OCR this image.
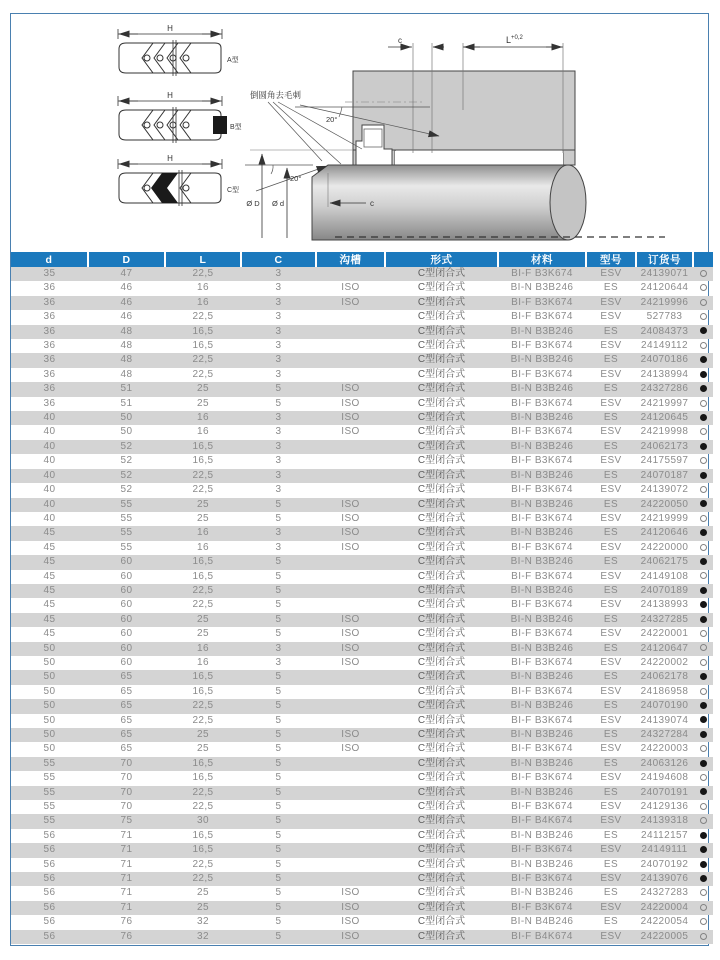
H
A型
H
B型
H
C型
c	$L^{+0,2}$
20°
倒圆角去毛刺
20°
Ø D Ø d	c
d	D	L	C	沟槽	形式	材料	型号	订货号	
35	47	22,5	3		C型闭合式	BI-F B3K674	ESV	24139071	
36	46	16	3	ISO	C型闭合式	BI-N B3B246	ES	24120644	
36	46	16	3	ISO	C型闭合式	BI-F B3K674	ESV	24219996	
36	46	22,5	3		C型闭合式	BI-F B3K674	ESV	527783	
36	48	16,5	3		C型闭合式	BI-N B3B246	ES	24084373	
36	48	16,5	3		C型闭合式	BI-F B3K674	ESV	24149112	
36	48	22,5	3		C型闭合式	BI-N B3B246	ES	24070186	
36	48	22,5	3		C型闭合式	BI-F B3K674	ESV	24138994	
36	51	25	5	ISO	C型闭合式	BI-N B3B246	ES	24327286	
36	51	25	5	ISO	C型闭合式	BI-F B3K674	ESV	24219997	
40	50	16	3	ISO	C型闭合式	BI-N B3B246	ES	24120645	
40	50	16	3	ISO	C型闭合式	BI-F B3K674	ESV	24219998	
40	52	16,5	3		C型闭合式	BI-N B3B246	ES	24062173	
40	52	16,5	3		C型闭合式	BI-F B3K674	ESV	24175597	
40	52	22,5	3		C型闭合式	BI-N B3B246	ES	24070187	
40	52	22,5	3		C型闭合式	BI-F B3K674	ESV	24139072	
40	55	25	5	ISO	C型闭合式	BI-N B3B246	ES	24220050	
40	55	25	5	ISO	C型闭合式	BI-F B3K674	ESV	24219999	
45	55	16	3	ISO	C型闭合式	BI-N B3B246	ES	24120646	
45	55	16	3	ISO	C型闭合式	BI-F B3K674	ESV	24220000	
45	60	16,5	5		C型闭合式	BI-N B3B246	ES	24062175	
45	60	16,5	5		C型闭合式	BI-F B3K674	ESV	24149108	
45	60	22,5	5		C型闭合式	BI-N B3B246	ES	24070189	
45	60	22,5	5		C型闭合式	BI-F B3K674	ESV	24138993	
45	60	25	5	ISO	C型闭合式	BI-N B3B246	ES	24327285	
45	60	25	5	ISO	C型闭合式	BI-F B3K674	ESV	24220001	
50	60	16	3	ISO	C型闭合式	BI-N B3B246	ES	24120647	
50	60	16	3	ISO	C型闭合式	BI-F B3K674	ESV	24220002	
50	65	16,5	5		C型闭合式	BI-N B3B246	ES	24062178	
50	65	16,5	5		C型闭合式	BI-F B3K674	ESV	24186958	
50	65	22,5	5		C型闭合式	BI-N B3B246	ES	24070190	
50	65	22,5	5		C型闭合式	BI-F B3K674	ESV	24139074	
50	65	25	5	ISO	C型闭合式	BI-N B3B246	ES	24327284	
50	65	25	5	ISO	C型闭合式	BI-F B3K674	ESV	24220003	
55	70	16,5	5		C型闭合式	BI-N B3B246	ES	24063126	
55	70	16,5	5		C型闭合式	BI-F B3K674	ESV	24194608	
55	70	22,5	5		C型闭合式	BI-N B3B246	ES	24070191	
55	70	22,5	5		C型闭合式	BI-F B3K674	ESV	24129136	
55	75	30	5		C型闭合式	BI-F B4K674	ESV	24139318	
56	71	16,5	5		C型闭合式	BI-N B3B246	ES	24112157	
56	71	16,5	5		C型闭合式	BI-F B3K674	ESV	24149111	
56	71	22,5	5		C型闭合式	BI-N B3B246	ES	24070192	
56	71	22,5	5		C型闭合式	BI-F B3K674	ESV	24139076	
56	71	25	5	ISO	C型闭合式	BI-N B3B246	ES	24327283	
56	71	25	5	ISO	C型闭合式	BI-F B3K674	ESV	24220004	
56	76	32	5	ISO	C型闭合式	BI-N B4B246	ES	24220054	
56	76	32	5	ISO	C型闭合式	BI-F B4K674	ESV	24220005	
